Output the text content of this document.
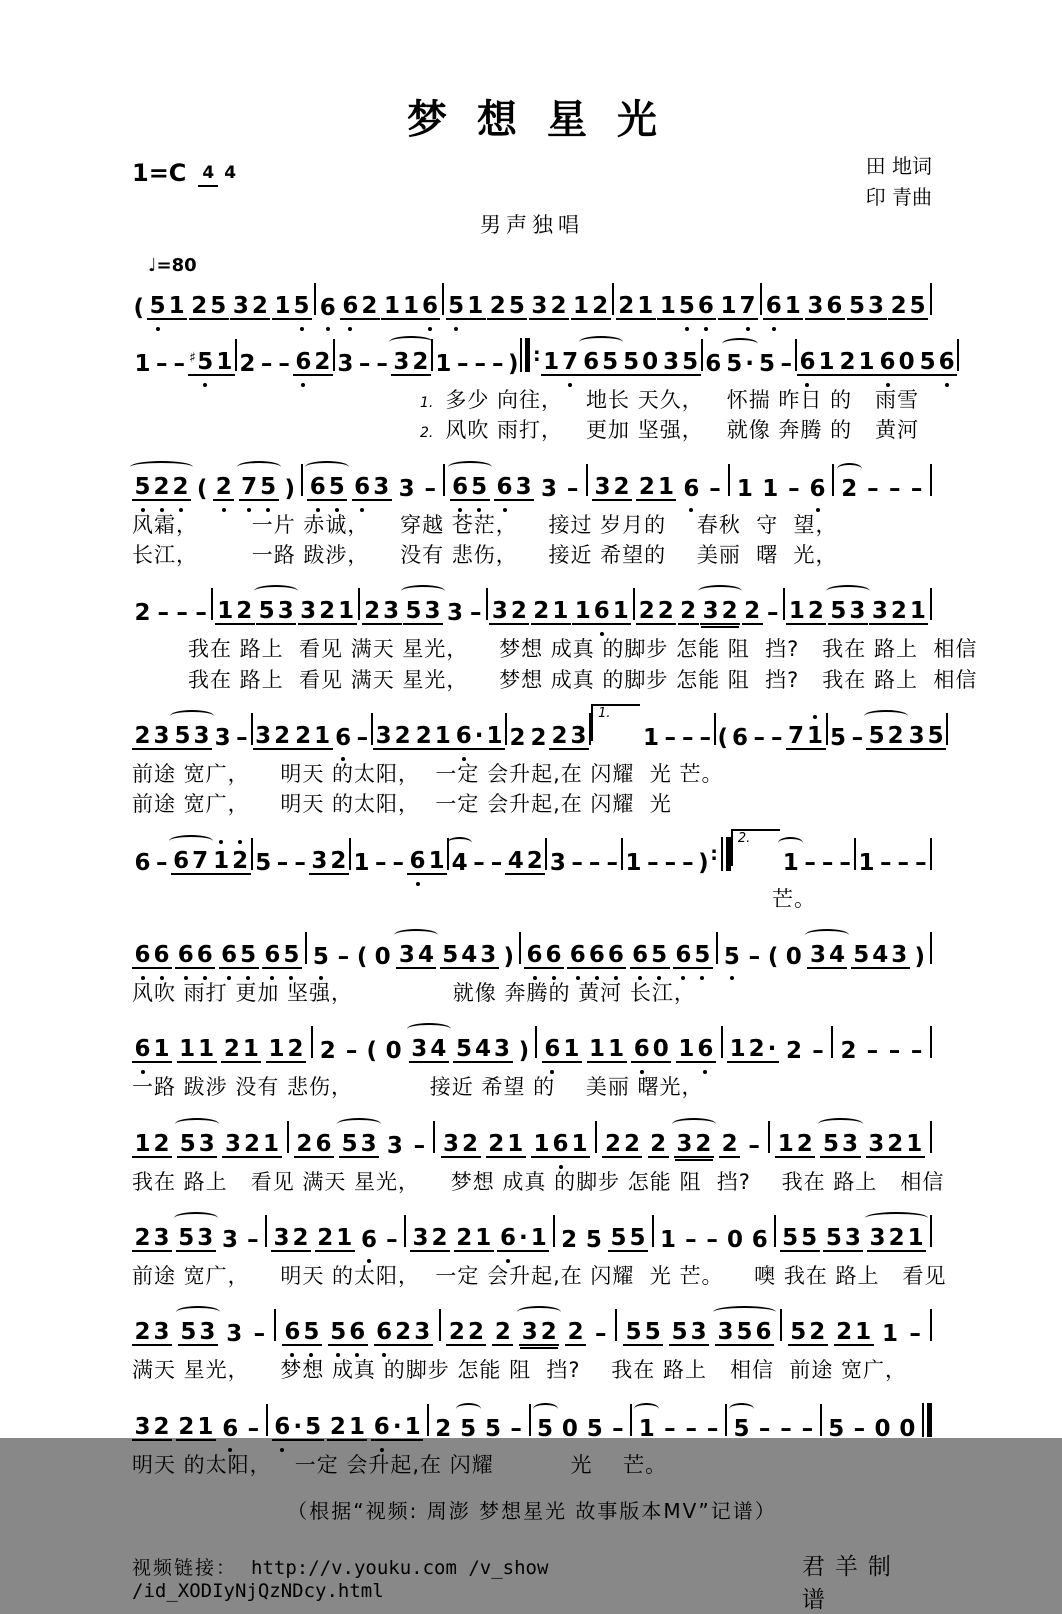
梦想星光
1=C 4 4	田 地词
印 青曲
男声独唱
♩=80
( 5 1 2 5 3 2 1 5 6 6 2 1 1 6 5 1 2 5 3 2 1 2 2 1 1 5 6 1 7 6 1 3 6 5 3 2 5
1 – – ♯ 5 1 2 – – 6 2 3 – – 3 2 1 – – – ) : 1 7 6 5 5 0 3 5 6 5 · 5 – 6 1 2 1 6 0 5 6
1. 多少 向往，   地长 天久，   怀揣 昨日 的   雨雪
2. 风吹 雨打，   更加 坚强，   就像 奔腾 的   黄河
5 2 2 ( 2 7 5 ) 6 5 6 3 3 – 6 5 6 3 3 – 3 2 2 1 6 – 1 1 – 6 2 – – –
风霜，       一片 赤诚，    穿越 苍茫，    接过 岁月的    春秋  守  望，
长江，       一路 跋涉，    没有 悲伤，    接近 希望的    美丽  曙  光，
2 – – – 1 2 5 3 3 2 1 2 3 5 3 3 – 3 2 2 1 1 6 1 2 2 2 3 2 2 – 1 2 5 3 3 2 1
我在 路上  看见 满天 星光，    梦想 成真 的脚步 怎能 阻  挡?   我在 路上  相信
我在 路上  看见 满天 星光，    梦想 成真 的脚步 怎能 阻  挡?   我在 路上  相信
2 3 5 3 3 – 3 2 2 1 6 – 3 2 2 1 6 · 1 2 2 2 3
1.
1 – – – ( 6 – – 7 1 5 – 5 2 3 5
前途 宽广，    明天 的太阳，  一定 会升起,在 闪耀  光 芒。
前途 宽广，    明天 的太阳，  一定 会升起,在 闪耀  光
6 – 6 7 1 2 5 – – 3 2 1 – – 6 1 4 – – 4 2 3 – – – 1 – – – ) :
2.
1 – – – 1 – – –
芒。
6 6 6 6 6 5 6 5 5 – ( 0 3 4 5 4 3 ) 6 6 6 6 6 6 5 6 5 5 – ( 0 3 4 5 4 3 )
风吹 雨打 更加 坚强，             就像 奔腾的 黄河 长江，
6 1 1 1 2 1 1 2 2 – ( 0 3 4 5 4 3 ) 6 1 1 1 6 0 1 6 1 2 · 2 – 2 – – –
一路 跋涉 没有 悲伤，          接近 希望 的    美丽 曙光，
1 2 5 3 3 2 1 2 6 5 3 3 – 3 2 2 1 1 6 1 2 2 2 3 2 2 – 1 2 5 3 3 2 1
我在 路上   看见 满天 星光，    梦想 成真 的脚步 怎能 阻  挡?    我在 路上   相信
2 3 5 3 3 – 3 2 2 1 6 – 3 2 2 1 6 · 1 2 5 5 5 1 – – 0 6 5 5 5 3 3 2 1
前途 宽广，    明天 的太阳，  一定 会升起,在 闪耀  光 芒。    噢 我在 路上   看见
2 3 5 3 3 – 6 5 5 6 6 2 3 2 2 2 3 2 2 – 5 5 5 3 3 5 6 5 2 2 1 1 –
满天 星光，    梦想 成真 的脚步 怎能 阻  挡?    我在 路上   相信  前途 宽广，
3 2 2 1 6 – 6 · 5 2 1 6 · 1 2 5 5 – 5 0 5 – 1 – – – 5 – – – 5 – 0 0
明天 的太阳，   一定 会升起,在 闪耀          光    芒。
（根据“视频: 周澎 梦想星光 故事版本MV”记谱）
视频链接： http://v.youku.com /v_show /id_XODIyNjQzNDcy.html
君羊制谱
